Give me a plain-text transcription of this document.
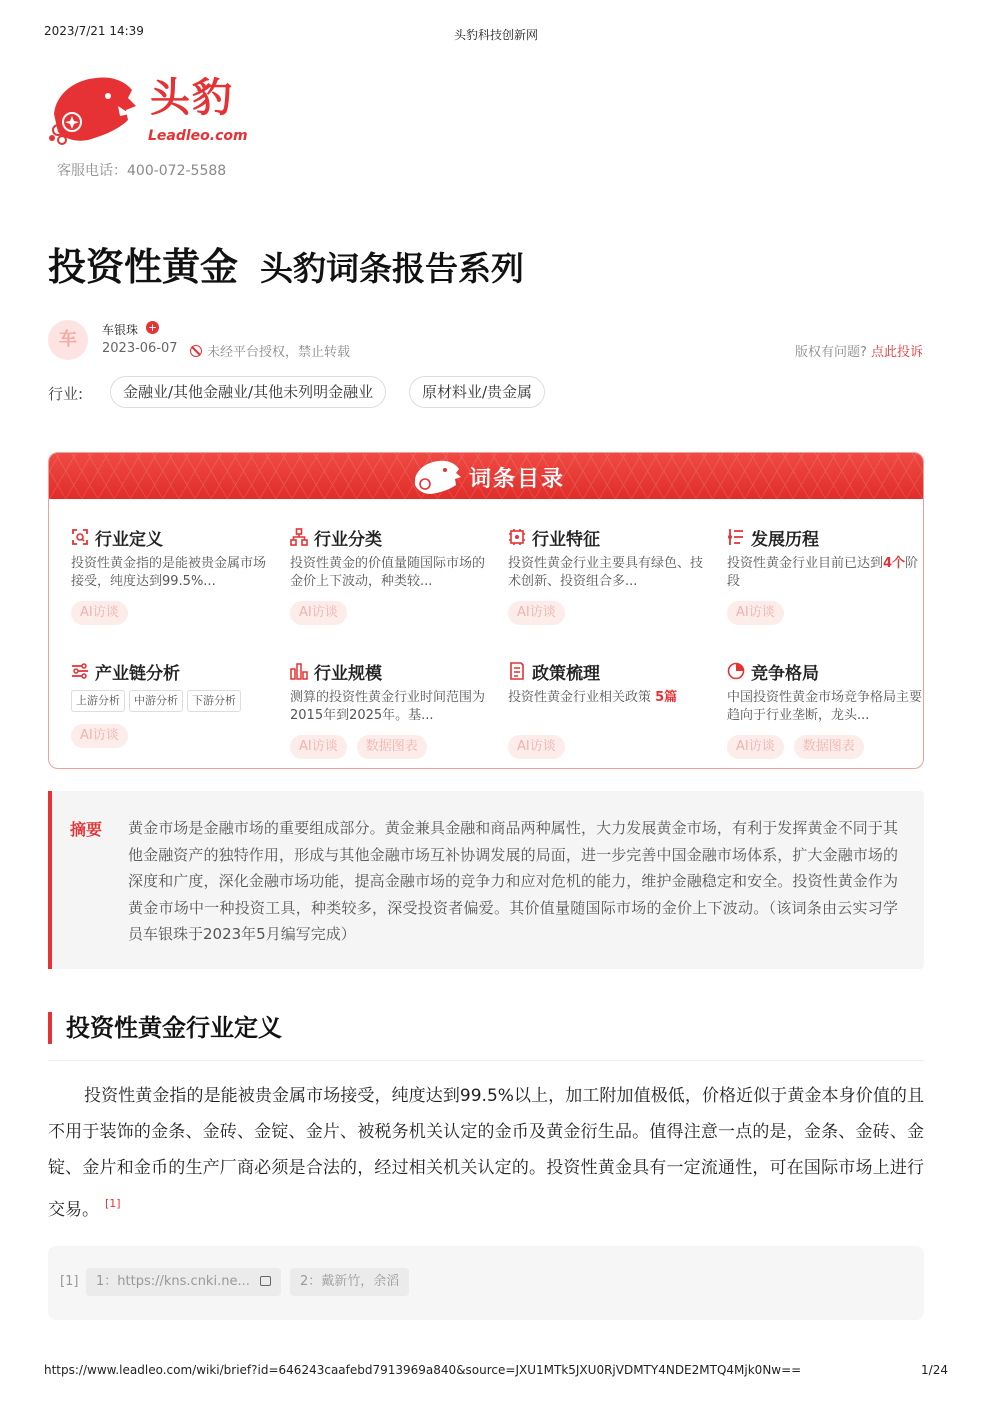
2023/7/21 14:39	头豹科技创新网
头豹
Leadleo.com
客服电话：400-072-5588
投资性黄金 头豹词条报告系列
车	车银珠 +
2023-06-07	未经平台授权，禁止转载	版权有问题? 点此投诉
行业:	金融业/其他金融业/其他未列明金融业	原材料业/贵金属
词条目录
行业定义
投资性黄金指的是能被贵金属市场接受，纯度达到99.5%...
AI访谈
行业分类
投资性黄金的价值量随国际市场的金价上下波动，种类较...
AI访谈
行业特征
投资性黄金行业主要具有绿色、技术创新、投资组合多...
AI访谈
发展历程
投资性黄金行业目前已达到4个阶段
AI访谈
产业链分析
上游分析 中游分析 下游分析
AI访谈
行业规模
测算的投资性黄金行业时间范围为2015年到2025年。基...
AI访谈 数据图表
政策梳理
投资性黄金行业相关政策 5篇
AI访谈
竞争格局
中国投资性黄金市场竞争格局主要趋向于行业垄断，龙头...
AI访谈 数据图表
摘要 黄金市场是金融市场的重要组成部分。黄金兼具金融和商品两种属性，大力发展黄金市场，有利于发挥黄金不同于其他金融资产的独特作用，形成与其他金融市场互补协调发展的局面，进一步完善中国金融市场体系，扩大金融市场的深度和广度，深化金融市场功能，提高金融市场的竞争力和应对危机的能力，维护金融稳定和安全。投资性黄金作为黄金市场中一种投资工具，种类较多，深受投资者偏爱。其价值量随国际市场的金价上下波动。（该词条由云实习学员车银珠于2023年5月编写完成）
投资性黄金行业定义
投资性黄金指的是能被贵金属市场接受，纯度达到99.5%以上，加工附加值极低，价格近似于黄金本身价值的且不用于装饰的金条、金砖、金锭、金片、被税务机关认定的金币及黄金衍生品。值得注意一点的是，金条、金砖、金锭、金片和金币的生产厂商必须是合法的，经过相关机关认定的。投资性黄金具有一定流通性，可在国际市场上进行交易。 [1]
[1]	1：https://kns.cnki.ne...	2：戴新竹，余滔
https://www.leadleo.com/wiki/brief?id=646243caafebd7913969a840&source=JXU1MTk5JXU0RjVDMTY4NDE2MTQ4Mjk0Nw==	1/24
